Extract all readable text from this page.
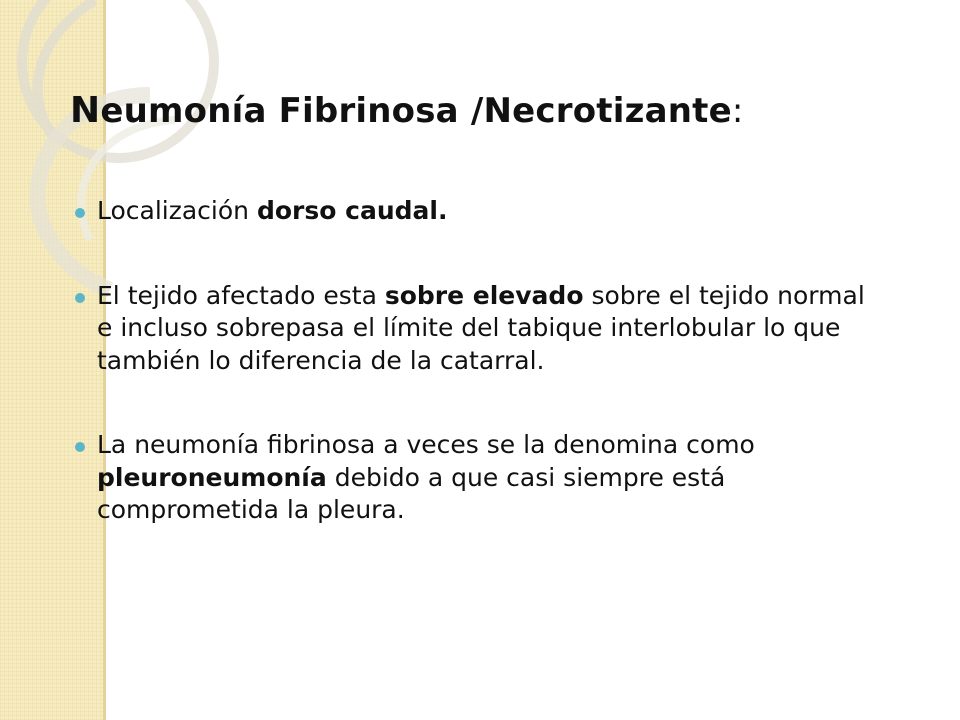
Neumonía Fibrinosa /Necrotizante:
Localización dorso caudal.
El tejido afectado esta sobre elevado sobre el tejido normal e incluso sobrepasa el límite del tabique interlobular lo que también lo diferencia de la catarral.
La neumonía fibrinosa a veces se la denomina como pleuroneumonía debido a que casi siempre está comprometida la pleura.
